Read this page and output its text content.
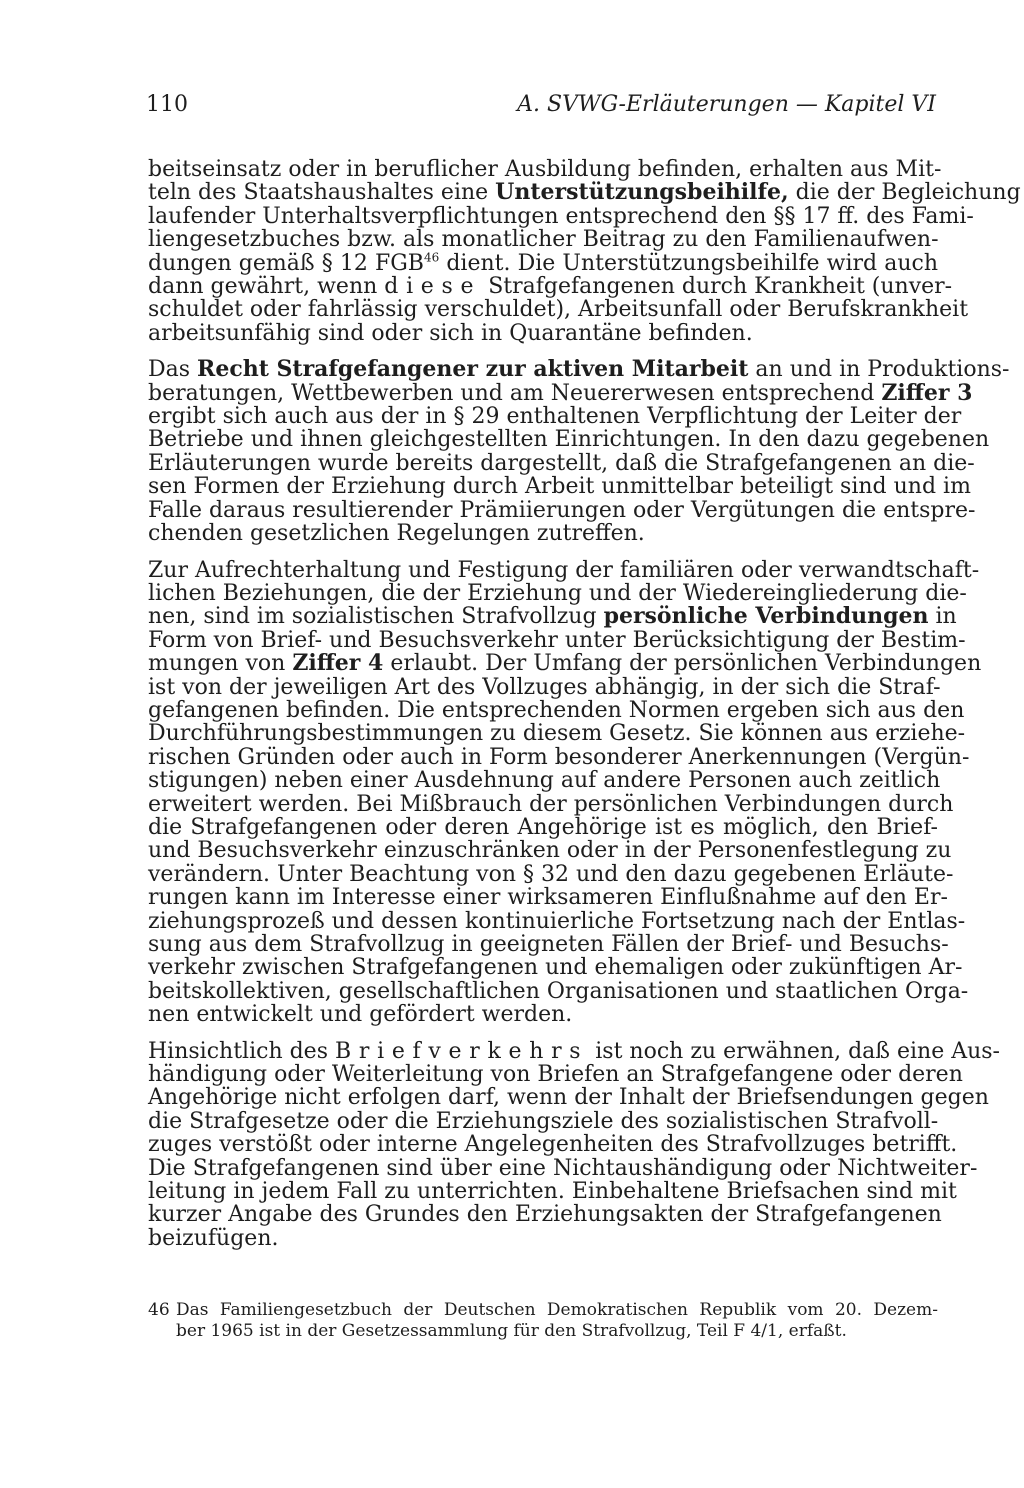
110	A. SVWG-Erläuterungen — Kapitel VI

beitseinsatz oder in beruflicher Ausbildung befinden, erhalten aus Mit-
teln des Staatshaushaltes eine Unterstützungsbeihilfe, die der Begleichung
laufender Unterhaltsverpflichtungen entsprechend den §§ 17 ff. des Fami-
liengesetzbuches bzw. als monatlicher Beitrag zu den Familienaufwen-
dungen gemäß § 12 FGB$^{46}$ dient. Die Unterstützungsbeihilfe wird auch
dann gewährt, wenn diese Strafgefangenen durch Krankheit (unver-
schuldet oder fahrlässig verschuldet), Arbeitsunfall oder Berufskrankheit
arbeitsunfähig sind oder sich in Quarantäne befinden.

Das Recht Strafgefangener zur aktiven Mitarbeit an und in Produktions-
beratungen, Wettbewerben und am Neuererwesen entsprechend Ziffer 3
ergibt sich auch aus der in § 29 enthaltenen Verpflichtung der Leiter der
Betriebe und ihnen gleichgestellten Einrichtungen. In den dazu gegebenen
Erläuterungen wurde bereits dargestellt, daß die Strafgefangenen an die-
sen Formen der Erziehung durch Arbeit unmittelbar beteiligt sind und im
Falle daraus resultierender Prämiierungen oder Vergütungen die entspre-
chenden gesetzlichen Regelungen zutreffen.

Zur Aufrechterhaltung und Festigung der familiären oder verwandtschaft-
lichen Beziehungen, die der Erziehung und der Wiedereingliederung die-
nen, sind im sozialistischen Strafvollzug persönliche Verbindungen in
Form von Brief- und Besuchsverkehr unter Berücksichtigung der Bestim-
mungen von Ziffer 4 erlaubt. Der Umfang der persönlichen Verbindungen
ist von der jeweiligen Art des Vollzuges abhängig, in der sich die Straf-
gefangenen befinden. Die entsprechenden Normen ergeben sich aus den
Durchführungsbestimmungen zu diesem Gesetz. Sie können aus erziehe-
rischen Gründen oder auch in Form besonderer Anerkennungen (Vergün-
stigungen) neben einer Ausdehnung auf andere Personen auch zeitlich
erweitert werden. Bei Mißbrauch der persönlichen Verbindungen durch
die Strafgefangenen oder deren Angehörige ist es möglich, den Brief-
und Besuchsverkehr einzuschränken oder in der Personenfestlegung zu
verändern. Unter Beachtung von § 32 und den dazu gegebenen Erläute-
rungen kann im Interesse einer wirksameren Einflußnahme auf den Er-
ziehungsprozeß und dessen kontinuierliche Fortsetzung nach der Entlas-
sung aus dem Strafvollzug in geeigneten Fällen der Brief- und Besuchs-
verkehr zwischen Strafgefangenen und ehemaligen oder zukünftigen Ar-
beitskollektiven, gesellschaftlichen Organisationen und staatlichen Orga-
nen entwickelt und gefördert werden.

Hinsichtlich des Briefverkehrs ist noch zu erwähnen, daß eine Aus-
händigung oder Weiterleitung von Briefen an Strafgefangene oder deren
Angehörige nicht erfolgen darf, wenn der Inhalt der Briefsendungen gegen
die Strafgesetze oder die Erziehungsziele des sozialistischen Strafvoll-
zuges verstößt oder interne Angelegenheiten des Strafvollzuges betrifft.
Die Strafgefangenen sind über eine Nichtaushändigung oder Nichtweiter-
leitung in jedem Fall zu unterrichten. Einbehaltene Briefsachen sind mit
kurzer Angabe des Grundes den Erziehungsakten der Strafgefangenen
beizufügen.

46 Das Familiengesetzbuch der Deutschen Demokratischen Republik vom 20. Dezem-
ber 1965 ist in der Gesetzessammlung für den Strafvollzug, Teil F 4/1, erfaßt.
